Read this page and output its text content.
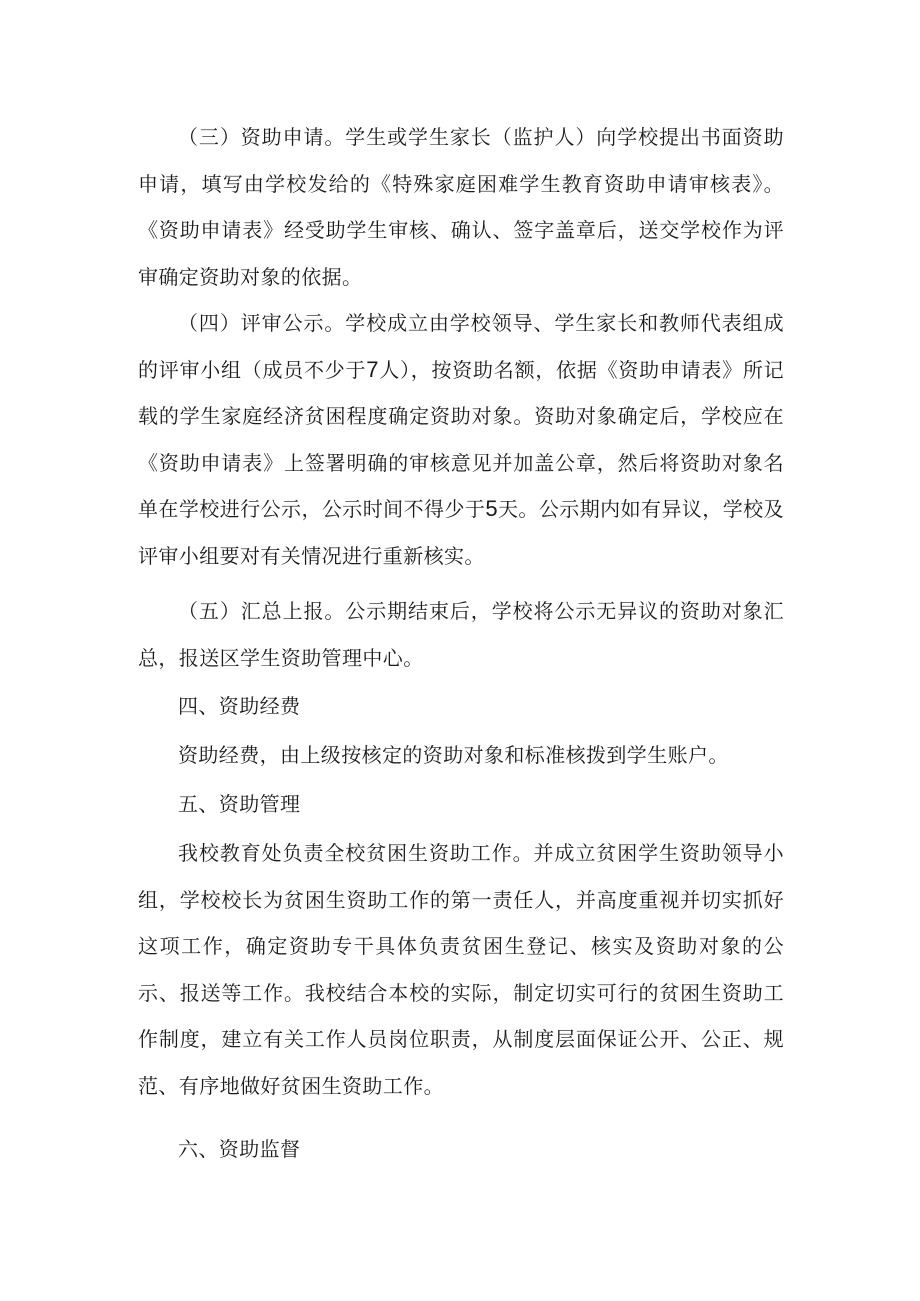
（三）资助申请。学生或学生家长（监护人）向学校提出书面资助申请，填写由学校发给的《特殊家庭困难学生教育资助申请审核表》。《资助申请表》经受助学生审核、确认、签字盖章后，送交学校作为评审确定资助对象的依据。

（四）评审公示。学校成立由学校领导、学生家长和教师代表组成的评审小组（成员不少于7人），按资助名额，依据《资助申请表》所记载的学生家庭经济贫困程度确定资助对象。资助对象确定后，学校应在《资助申请表》上签署明确的审核意见并加盖公章，然后将资助对象名单在学校进行公示，公示时间不得少于5天。公示期内如有异议，学校及评审小组要对有关情况进行重新核实。

（五）汇总上报。公示期结束后，学校将公示无异议的资助对象汇总，报送区学生资助管理中心。

四、资助经费

资助经费，由上级按核定的资助对象和标准核拨到学生账户。

五、资助管理

我校教育处负责全校贫困生资助工作。并成立贫困学生资助领导小组，学校校长为贫困生资助工作的第一责任人，并高度重视并切实抓好这项工作，确定资助专干具体负责贫困生登记、核实及资助对象的公示、报送等工作。我校结合本校的实际，制定切实可行的贫困生资助工作制度，建立有关工作人员岗位职责，从制度层面保证公开、公正、规范、有序地做好贫困生资助工作。

六、资助监督
